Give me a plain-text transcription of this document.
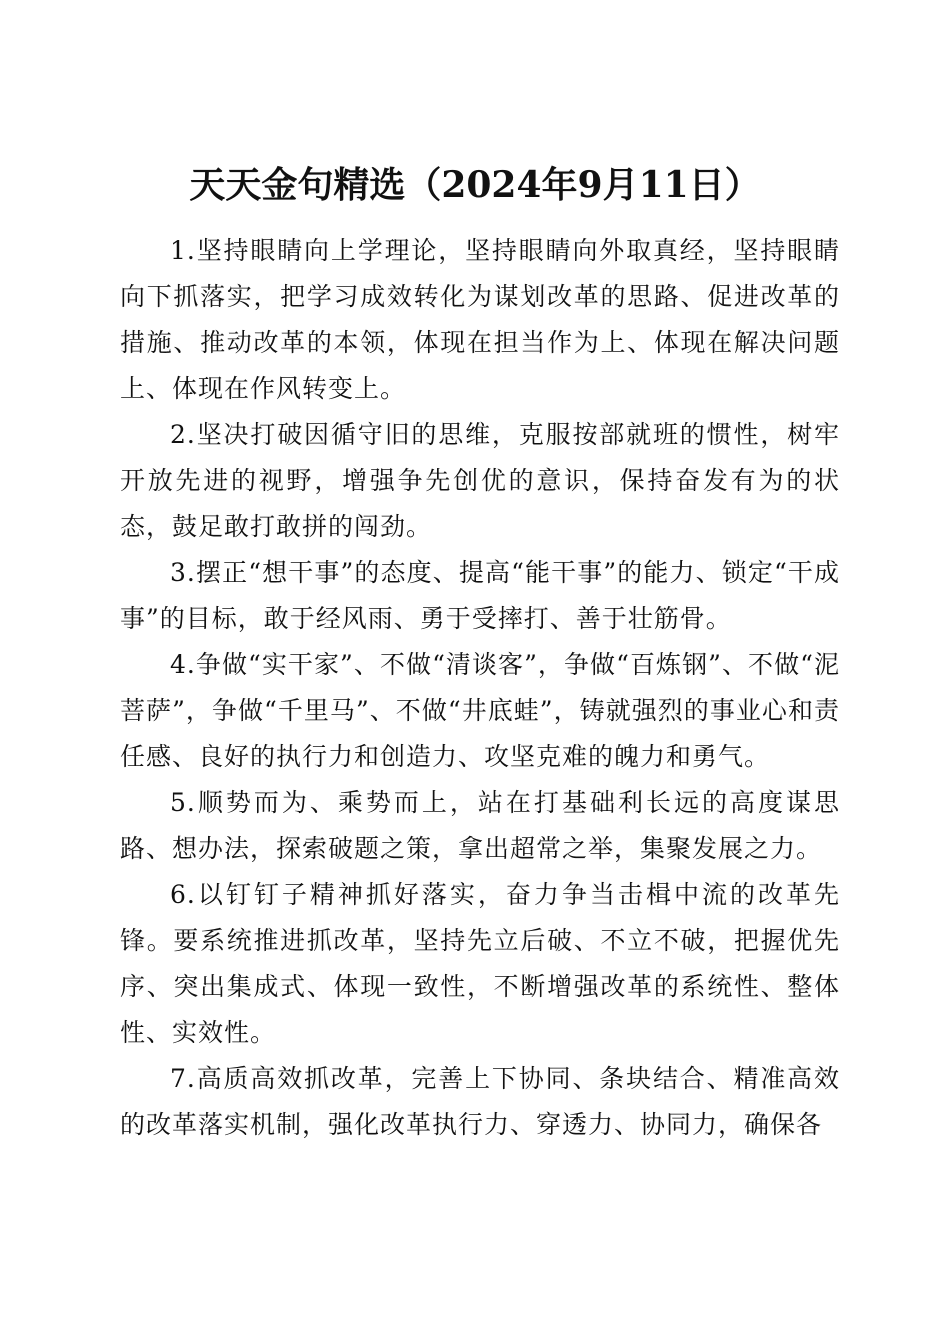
天天金句精选（2024年9月11日）

1.坚持眼睛向上学理论，坚持眼睛向外取真经，坚持眼睛向下抓落实，把学习成效转化为谋划改革的思路、促进改革的措施、推动改革的本领，体现在担当作为上、体现在解决问题上、体现在作风转变上。

2.坚决打破因循守旧的思维，克服按部就班的惯性，树牢开放先进的视野，增强争先创优的意识，保持奋发有为的状态，鼓足敢打敢拼的闯劲。

3.摆正“想干事”的态度、提高“能干事”的能力、锁定“干成事”的目标，敢于经风雨、勇于受摔打、善于壮筋骨。

4.争做“实干家”、不做“清谈客”，争做“百炼钢”、不做“泥菩萨”，争做“千里马”、不做“井底蛙”，铸就强烈的事业心和责任感、良好的执行力和创造力、攻坚克难的魄力和勇气。

5.顺势而为、乘势而上，站在打基础利长远的高度谋思路、想办法，探索破题之策，拿出超常之举，集聚发展之力。

6.以钉钉子精神抓好落实，奋力争当击楫中流的改革先锋。要系统推进抓改革，坚持先立后破、不立不破，把握优先序、突出集成式、体现一致性，不断增强改革的系统性、整体性、实效性。

7.高质高效抓改革，完善上下协同、条块结合、精准高效的改革落实机制，强化改革执行力、穿透力、协同力，确保各
